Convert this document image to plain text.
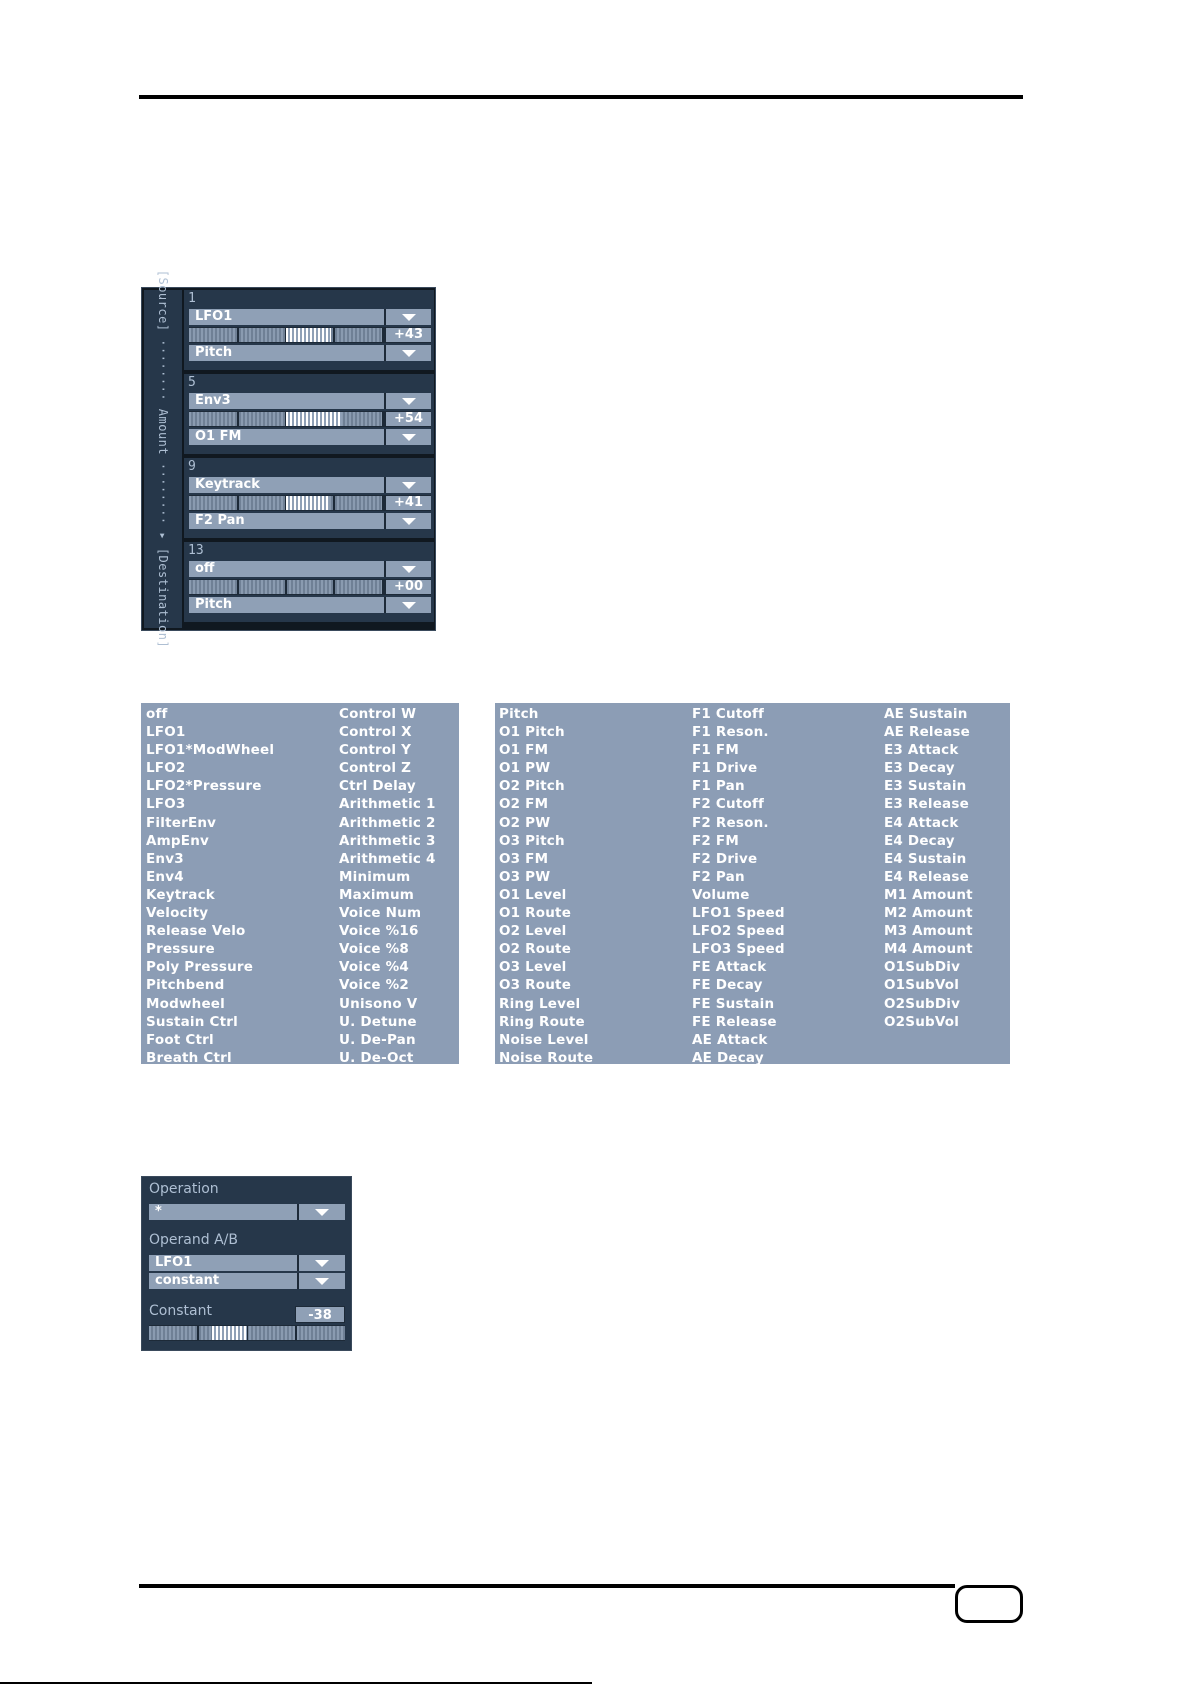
[Source] ········ Amount ········ ▸ [Destination] 1
LFO1
+43
Pitch
5
Env3
+54
O1 FM
9
Keytrack
+41
F2 Pan
13
off
+00
Pitch
off
LFO1
LFO1*ModWheel
LFO2
LFO2*Pressure
LFO3
FilterEnv
AmpEnv
Env3
Env4
Keytrack
Velocity
Release Velo
Pressure
Poly Pressure
Pitchbend
Modwheel
Sustain Ctrl
Foot Ctrl
Breath Ctrl
Control W
Control X
Control Y
Control Z
Ctrl Delay
Arithmetic 1
Arithmetic 2
Arithmetic 3
Arithmetic 4
Minimum
Maximum
Voice Num
Voice %16
Voice %8
Voice %4
Voice %2
Unisono V
U. Detune
U. De-Pan
U. De-Oct
Pitch
O1 Pitch
O1 FM
O1 PW
O2 Pitch
O2 FM
O2 PW
O3 Pitch
O3 FM
O3 PW
O1 Level
O1 Route
O2 Level
O2 Route
O3 Level
O3 Route
Ring Level
Ring Route
Noise Level
Noise Route
F1 Cutoff
F1 Reson.
F1 FM
F1 Drive
F1 Pan
F2 Cutoff
F2 Reson.
F2 FM
F2 Drive
F2 Pan
Volume
LFO1 Speed
LFO2 Speed
LFO3 Speed
FE Attack
FE Decay
FE Sustain
FE Release
AE Attack
AE Decay
AE Sustain
AE Release
E3 Attack
E3 Decay
E3 Sustain
E3 Release
E4 Attack
E4 Decay
E4 Sustain
E4 Release
M1 Amount
M2 Amount
M3 Amount
M4 Amount
O1SubDiv
O1SubVol
O2SubDiv
O2SubVol
Operation
*
Operand A/B
LFO1
constant
Constant	-38
